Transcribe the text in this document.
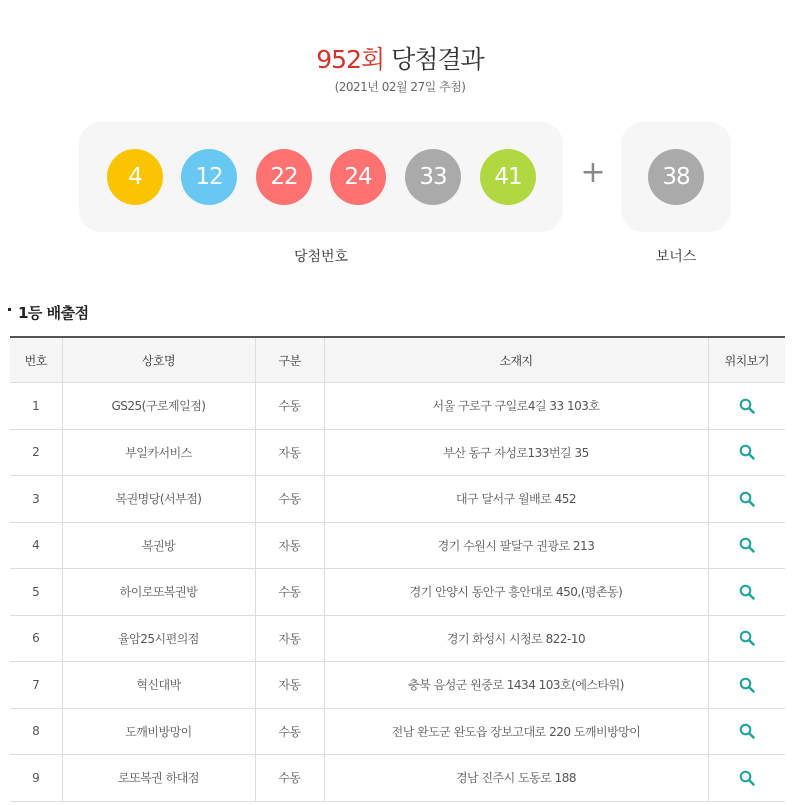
952회 당첨결과
(2021년 02월 27일 추첨)
4	12	22	24	33	41	+	38
당첨번호	보너스
1등 배출점
번호	상호명	구분	소재지	위치보기
1	GS25(구로제일점)	수동	서울 구로구 구일로4길 33 103호	
2	부일카서비스	자동	부산 동구 자성로133번길 35	
3	복권명당(서부점)	수동	대구 달서구 월배로 452	
4	복권방	자동	경기 수원시 팔달구 권광로 213	
5	하이로또복권방	수동	경기 안양시 동안구 흥안대로 450,(평촌동)	
6	율암25시편의점	자동	경기 화성시 시청로 822-10	
7	혁신대박	자동	충북 음성군 원중로 1434 103호(에스타워)	
8	도깨비방망이	수동	전남 완도군 완도읍 장보고대로 220 도깨비방망이	
9	로또복권 하대점	수동	경남 진주시 도동로 188	
